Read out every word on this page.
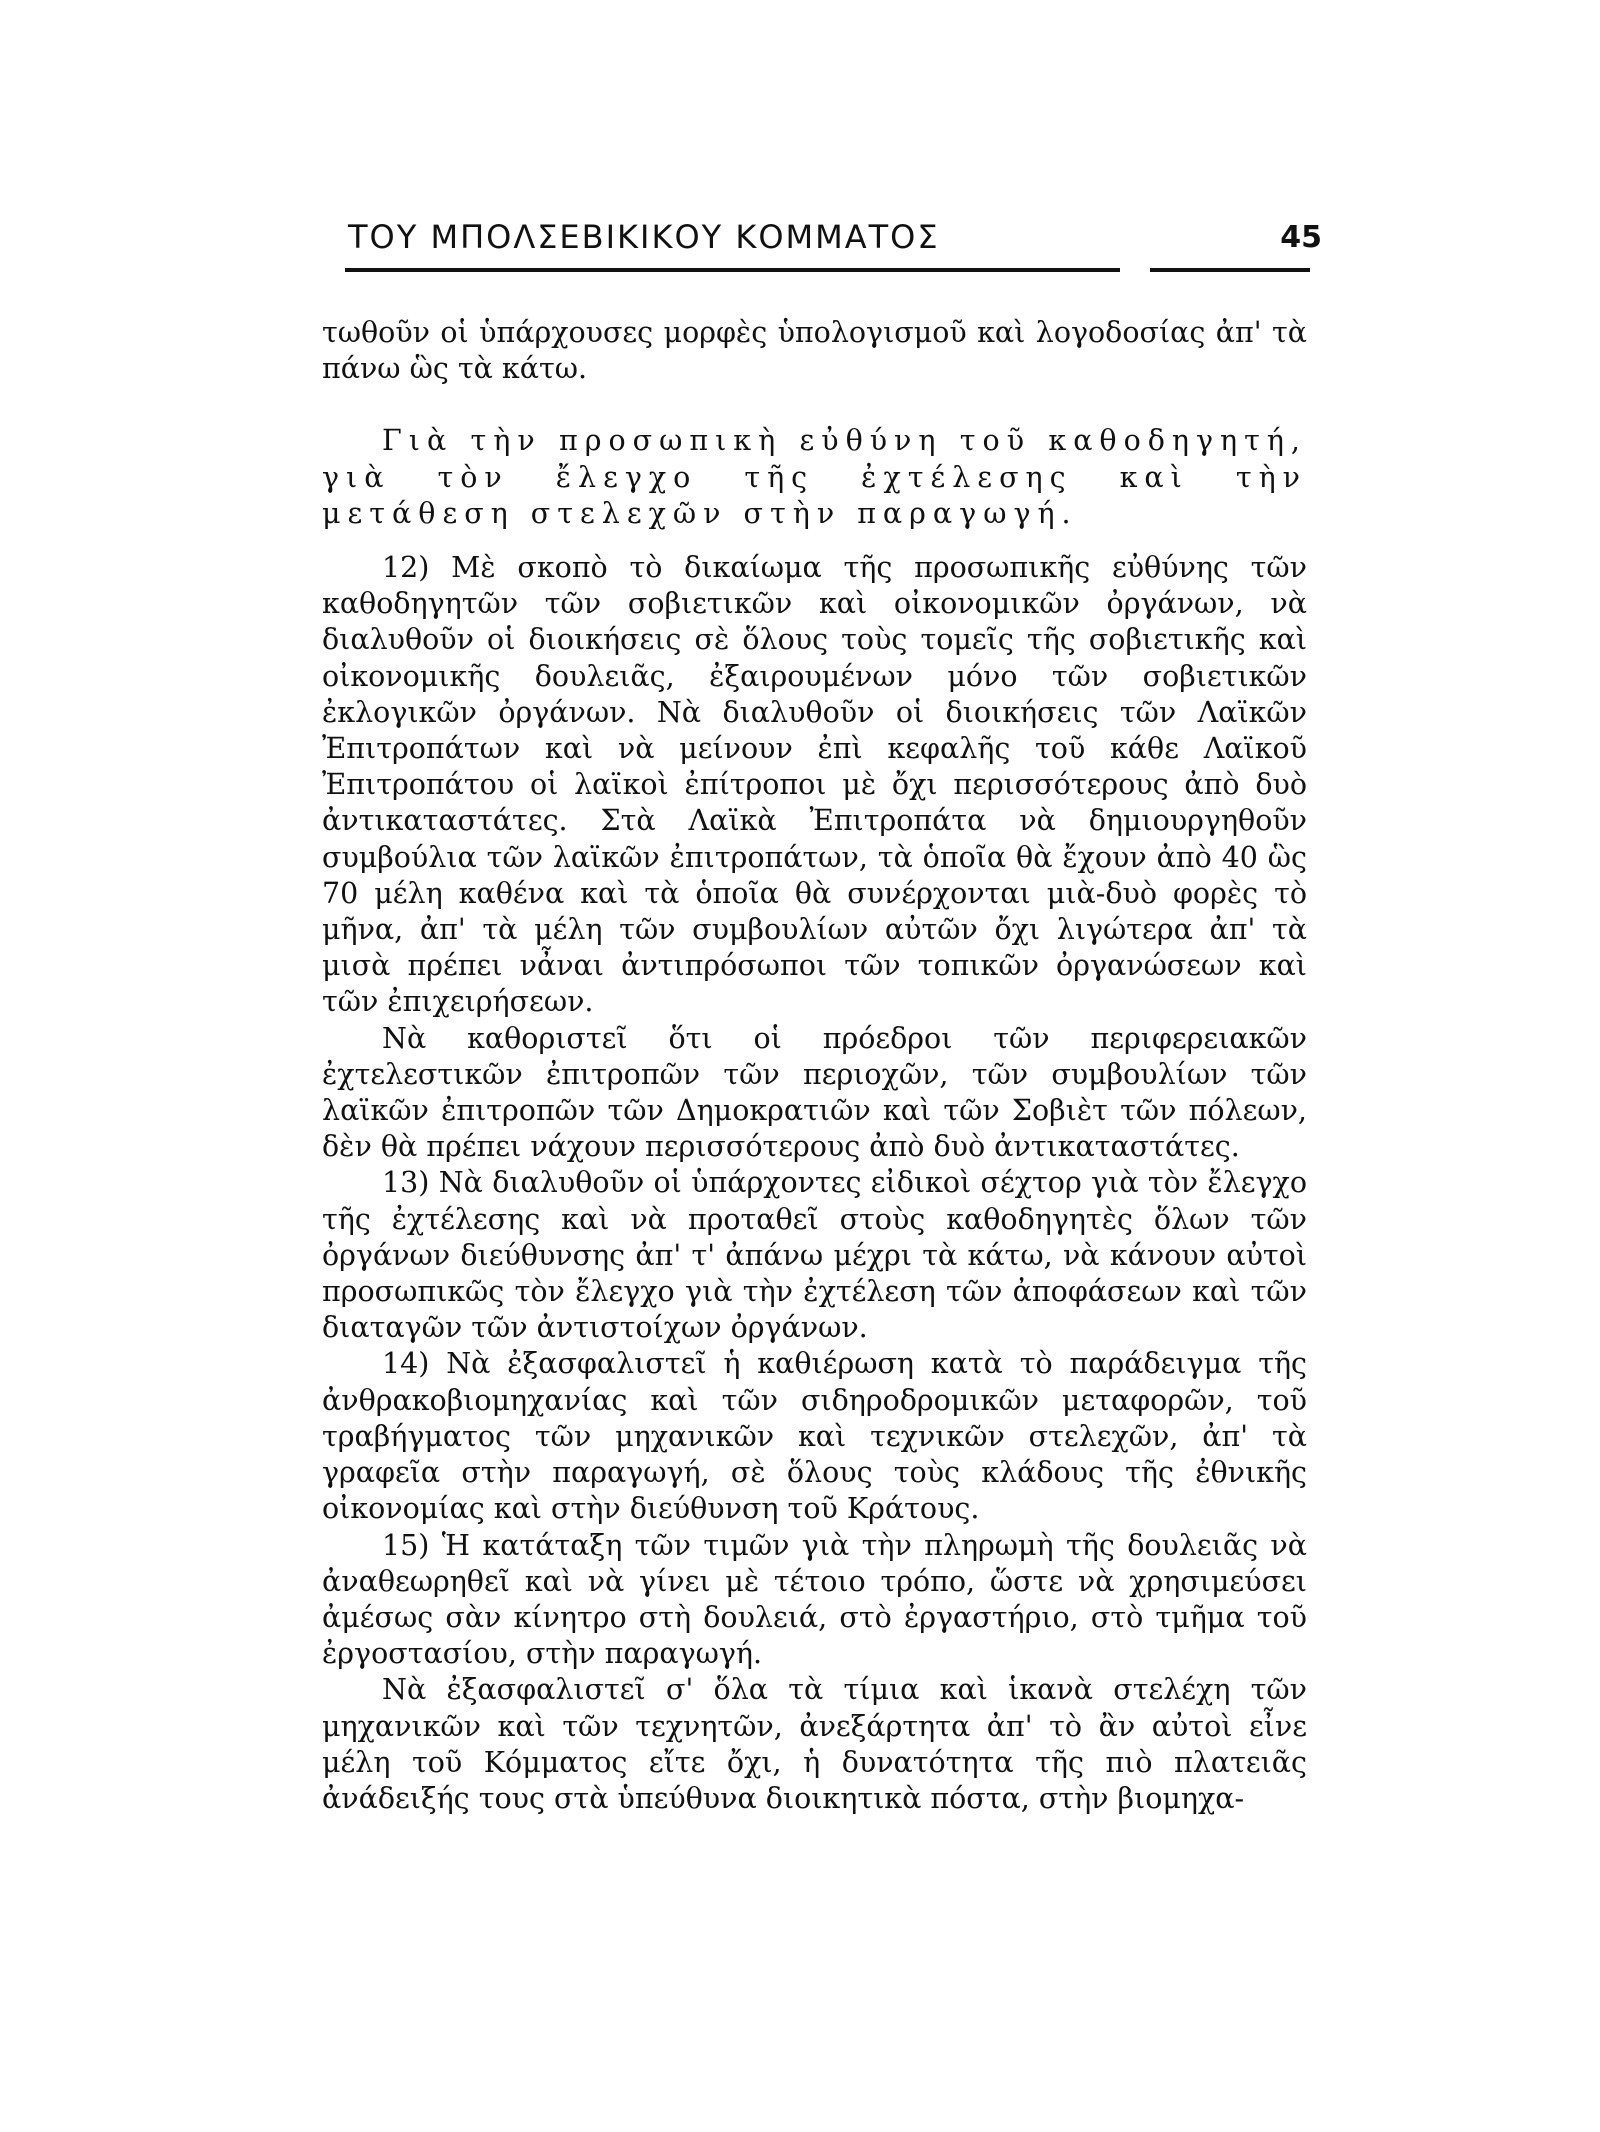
ΤΟΥ ΜΠΟΛΣΕΒΙΚΙΚΟΥ ΚΟΜΜΑΤΟΣ	45

τωθοῦν οἱ ὑπάρχουσες μορφὲς ὑπολογισμοῦ καὶ λογοδοσίας ἀπ' τὰ πάνω ὣς τὰ κάτω.

Γιὰ τὴν προσωπικὴ εὐθύνη τοῦ καθοδηγητή, γιὰ τὸν ἔλεγχο τῆς ἐχτέλεσης καὶ τὴν μετάθεση στελεχῶν στὴν παραγωγή.

12) Μὲ σκοπὸ τὸ δικαίωμα τῆς προσωπικῆς εὐθύνης τῶν καθοδηγητῶν τῶν σοβιετικῶν καὶ οἰκονομικῶν ὀργάνων, νὰ διαλυθοῦν οἱ διοικήσεις σὲ ὅλους τοὺς τομεῖς τῆς σοβιετικῆς καὶ οἰκονομικῆς δουλειᾶς, ἐξαιρουμένων μόνο τῶν σοβιετικῶν ἐκλογικῶν ὀργάνων. Νὰ διαλυθοῦν οἱ διοικήσεις τῶν Λαϊκῶν Ἐπιτροπάτων καὶ νὰ μείνουν ἐπὶ κεφαλῆς τοῦ κάθε Λαϊκοῦ Ἐπιτροπάτου οἱ λαϊκοὶ ἐπίτροποι μὲ ὄχι περισσότερους ἀπὸ δυὸ ἀντικαταστάτες. Στὰ Λαϊκὰ Ἐπιτροπάτα νὰ δημιουργηθοῦν συμβούλια τῶν λαϊκῶν ἐπιτροπάτων, τὰ ὁποῖα θὰ ἔχουν ἀπὸ 40 ὣς 70 μέλη καθένα καὶ τὰ ὁποῖα θὰ συνέρχονται μιὰ-δυὸ φορὲς τὸ μῆνα, ἀπ' τὰ μέλη τῶν συμβουλίων αὐτῶν ὄχι λιγώτερα ἀπ' τὰ μισὰ πρέπει νἆναι ἀντιπρόσωποι τῶν τοπικῶν ὀργανώσεων καὶ τῶν ἐπιχειρήσεων.

Νὰ καθοριστεῖ ὅτι οἱ πρόεδροι τῶν περιφερειακῶν ἐχτελεστικῶν ἐπιτροπῶν τῶν περιοχῶν, τῶν συμβουλίων τῶν λαϊκῶν ἐπιτροπῶν τῶν Δημοκρατιῶν καὶ τῶν Σοβιὲτ τῶν πόλεων, δὲν θὰ πρέπει νάχουν περισσότερους ἀπὸ δυὸ ἀντικαταστάτες.

13) Νὰ διαλυθοῦν οἱ ὑπάρχοντες εἰδικοὶ σέχτορ γιὰ τὸν ἔλεγχο τῆς ἐχτέλεσης καὶ νὰ προταθεῖ στοὺς καθοδηγητὲς ὅλων τῶν ὀργάνων διεύθυνσης ἀπ' τ' ἀπάνω μέχρι τὰ κάτω, νὰ κάνουν αὐτοὶ προσωπικῶς τὸν ἔλεγχο γιὰ τὴν ἐχτέλεση τῶν ἀποφάσεων καὶ τῶν διαταγῶν τῶν ἀντιστοίχων ὀργάνων.

14) Νὰ ἐξασφαλιστεῖ ἡ καθιέρωση κατὰ τὸ παράδειγμα τῆς ἀνθρακοβιομηχανίας καὶ τῶν σιδηροδρομικῶν μεταφορῶν, τοῦ τραβήγματος τῶν μηχανικῶν καὶ τεχνικῶν στελεχῶν, ἀπ' τὰ γραφεῖα στὴν παραγωγή, σὲ ὅλους τοὺς κλάδους τῆς ἐθνικῆς οἰκονομίας καὶ στὴν διεύθυνση τοῦ Κράτους.

15) Ἡ κατάταξη τῶν τιμῶν γιὰ τὴν πληρωμὴ τῆς δουλειᾶς νὰ ἀναθεωρηθεῖ καὶ νὰ γίνει μὲ τέτοιο τρόπο, ὥστε νὰ χρησιμεύσει ἀμέσως σὰν κίνητρο στὴ δουλειά, στὸ ἐργαστήριο, στὸ τμῆμα τοῦ ἐργοστασίου, στὴν παραγωγή.

Νὰ ἐξασφαλιστεῖ σ' ὅλα τὰ τίμια καὶ ἱκανὰ στελέχη τῶν μηχανικῶν καὶ τῶν τεχνητῶν, ἀνεξάρτητα ἀπ' τὸ ἂν αὐτοὶ εἶνε μέλη τοῦ Κόμματος εἴτε ὄχι, ἡ δυνατότητα τῆς πιὸ πλατειᾶς ἀνάδειξής τους στὰ ὑπεύθυνα διοικητικὰ πόστα, στὴν βιομηχα-
